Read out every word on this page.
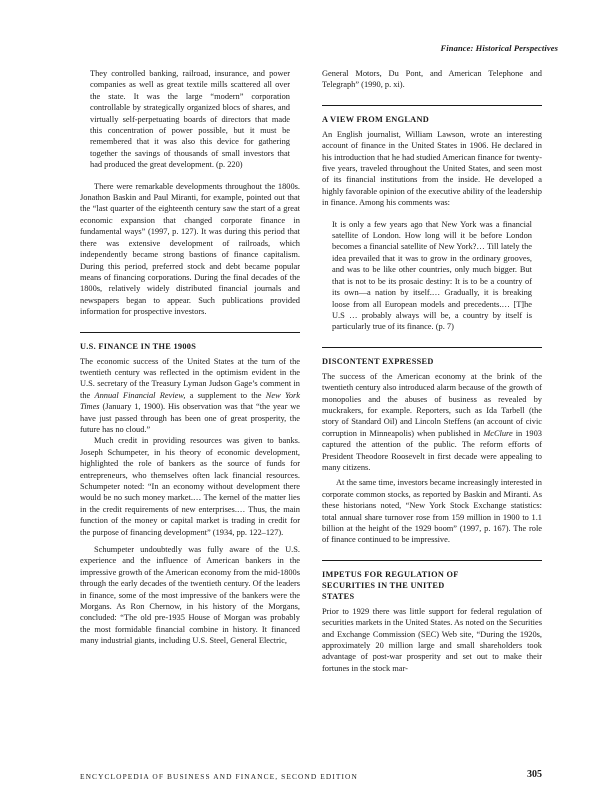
Finance: Historical Perspectives

They controlled banking, railroad, insurance, and power companies as well as great textile mills scattered all over the state. It was the large “modern” corporation controllable by strategically organized blocs of shares, and virtually self-perpetuating boards of directors that made this concentration of power possible, but it must be remembered that it was also this device for gathering together the savings of thousands of small investors that had produced the great development. (p. 220)

There were remarkable developments throughout the 1800s. Jonathon Baskin and Paul Miranti, for example, pointed out that the “last quarter of the eighteenth century saw the start of a great economic expansion that changed corporate finance in fundamental ways” (1997, p. 127). It was during this period that there was extensive development of railroads, which independently became strong bastions of finance capitalism. During this period, preferred stock and debt became popular means of financing corporations. During the final decades of the 1800s, relatively widely distributed financial journals and newspapers began to appear. Such publications provided information for prospective investors.

U.S. FINANCE IN THE 1900S

The economic success of the United States at the turn of the twentieth century was reflected in the optimism evident in the U.S. secretary of the Treasury Lyman Judson Gage’s comment in the Annual Financial Review, a supplement to the New York Times (January 1, 1900). His observation was that “the year we have just passed through has been one of great prosperity, the future has no cloud.”

Much credit in providing resources was given to banks. Joseph Schumpeter, in his theory of economic development, highlighted the role of bankers as the source of funds for entrepreneurs, who themselves often lack financial resources. Schumpeter noted: “In an economy without development there would be no such money market.… The kernel of the matter lies in the credit requirements of new enterprises.… Thus, the main function of the money or capital market is trading in credit for the purpose of financing development” (1934, pp. 122–127).

Schumpeter undoubtedly was fully aware of the U.S. experience and the influence of American bankers in the impressive growth of the American economy from the mid-1800s through the early decades of the twentieth century. Of the leaders in finance, some of the most impressive of the bankers were the Morgans. As Ron Chernow, in his history of the Morgans, concluded: “The old pre-1935 House of Morgan was probably the most formidable financial combine in history. It financed many industrial giants, including U.S. Steel, General Electric,

General Motors, Du Pont, and American Telephone and Telegraph” (1990, p. xi).

A VIEW FROM ENGLAND

An English journalist, William Lawson, wrote an interesting account of finance in the United States in 1906. He declared in his introduction that he had studied American finance for twenty-five years, traveled throughout the United States, and seen most of its financial institutions from the inside. He developed a highly favorable opinion of the executive ability of the leadership in finance. Among his comments was:

It is only a few years ago that New York was a financial satellite of London. How long will it be before London becomes a financial satellite of New York?… Till lately the idea prevailed that it was to grow in the ordinary grooves, and was to be like other countries, only much bigger. But that is not to be its prosaic destiny: It is to be a country of its own—a nation by itself.… Gradually, it is breaking loose from all European models and precedents.… [T]he U.S … probably always will be, a country by itself is particularly true of its finance. (p. 7)

DISCONTENT EXPRESSED

The success of the American economy at the brink of the twentieth century also introduced alarm because of the growth of monopolies and the abuses of business as revealed by muckrakers, for example. Reporters, such as Ida Tarbell (the story of Standard Oil) and Lincoln Steffens (an account of civic corruption in Minneapolis) when published in McClure in 1903 captured the attention of the public. The reform efforts of President Theodore Roosevelt in first decade were appealing to many citizens.

At the same time, investors became increasingly interested in corporate common stocks, as reported by Baskin and Miranti. As these historians noted, “New York Stock Exchange statistics: total annual share turnover rose from 159 million in 1900 to 1.1 billion at the height of the 1929 boom” (1997, p. 167). The role of finance continued to be impressive.

IMPETUS FOR REGULATION OF
SECURITIES IN THE UNITED
STATES

Prior to 1929 there was little support for federal regulation of securities markets in the United States. As noted on the Securities and Exchange Commission (SEC) Web site, “During the 1920s, approximately 20 million large and small shareholders took advantage of post-war prosperity and set out to make their fortunes in the stock mar-

ENCYCLOPEDIA OF BUSINESS AND FINANCE, SECOND EDITION	305
